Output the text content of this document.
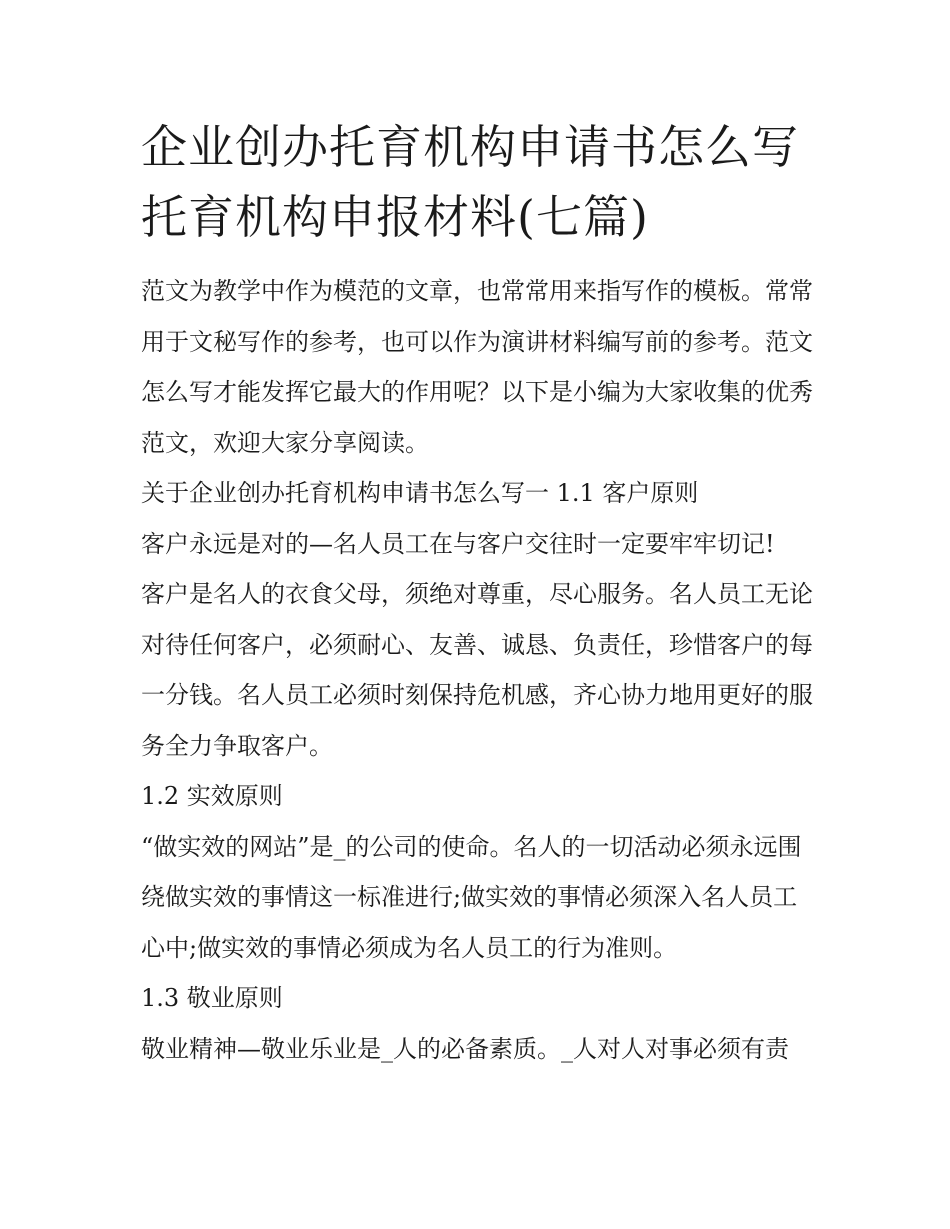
企业创办托育机构申请书怎么写 托育机构申报材料(七篇)

范文为教学中作为模范的文章，也常常用来指写作的模板。常常用于文秘写作的参考，也可以作为演讲材料编写前的参考。范文怎么写才能发挥它最大的作用呢？以下是小编为大家收集的优秀范文，欢迎大家分享阅读。

关于企业创办托育机构申请书怎么写一 1.1 客户原则

客户永远是对的—名人员工在与客户交往时一定要牢牢切记!

客户是名人的衣食父母，须绝对尊重，尽心服务。名人员工无论对待任何客户，必须耐心、友善、诚恳、负责任，珍惜客户的每一分钱。名人员工必须时刻保持危机感，齐心协力地用更好的服务全力争取客户。

1.2 实效原则

“做实效的网站”是_的公司的使命。名人的一切活动必须永远围绕做实效的事情这一标准进行;做实效的事情必须深入名人员工心中;做实效的事情必须成为名人员工的行为准则。

1.3 敬业原则

敬业精神—敬业乐业是_人的必备素质。_人对人对事必须有责
